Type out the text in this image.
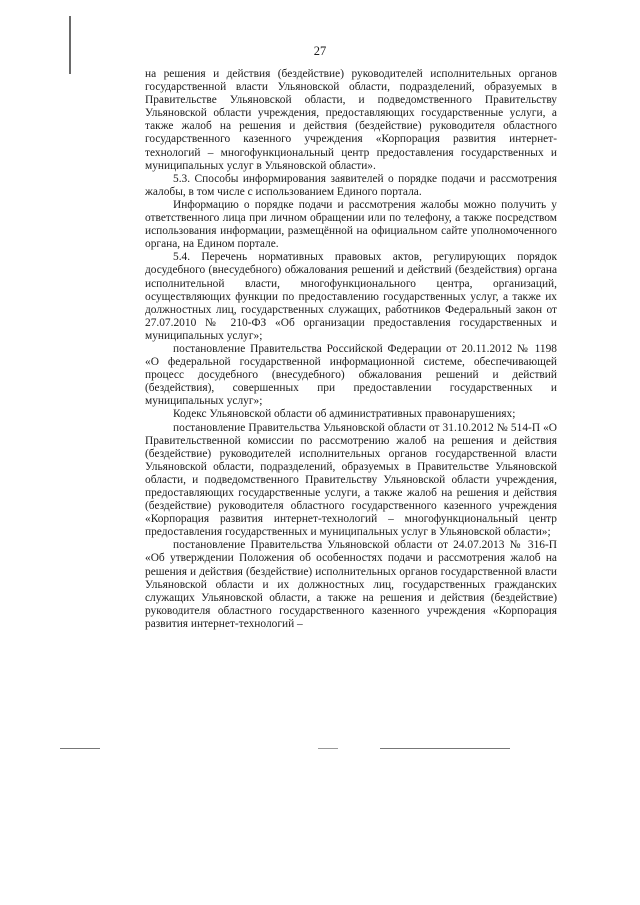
27

на решения и действия (бездействие) руководителей исполнительных органов государственной власти Ульяновской области, подразделений, образуемых в Правительстве Ульяновской области, и подведомственного Правительству Ульяновской области учреждения, предоставляющих государственные услуги, а также жалоб на решения и действия (бездействие) руководителя областного государственного казенного учреждения «Корпорация развития интернет-технологий – многофункциональный центр предоставления государственных и муниципальных услуг в Ульяновской области».

5.3. Способы информирования заявителей о порядке подачи и рассмотрения жалобы, в том числе с использованием Единого портала.

Информацию о порядке подачи и рассмотрения жалобы можно получить у ответственного лица при личном обращении или по телефону, а также посредством использования информации, размещённой на официальном сайте уполномоченного органа, на Едином портале.

5.4. Перечень нормативных правовых актов, регулирующих порядок досудебного (внесудебного) обжалования решений и действий (бездействия) органа исполнительной власти, многофункционального центра, организаций, осуществляющих функции по предоставлению государственных услуг, а также их должностных лиц, государственных служащих, работников Федеральный закон от 27.07.2010 № 210-ФЗ «Об организации предоставления государственных и муниципальных услуг»;

постановление Правительства Российской Федерации от 20.11.2012 № 1198 «О федеральной государственной информационной системе, обеспечивающей процесс досудебного (внесудебного) обжалования решений и действий (бездействия), совершенных при предоставлении государственных и муниципальных услуг»;

Кодекс Ульяновской области об административных правонарушениях;

постановление Правительства Ульяновской области от 31.10.2012 № 514-П «О Правительственной комиссии по рассмотрению жалоб на решения и действия (бездействие) руководителей исполнительных органов государственной власти Ульяновской области, подразделений, образуемых в Правительстве Ульяновской области, и подведомственного Правительству Ульяновской области учреждения, предоставляющих государственные услуги, а также жалоб на решения и действия (бездействие) руководителя областного государственного казенного учреждения «Корпорация развития интернет-технологий – многофункциональный центр предоставления государственных и муниципальных услуг в Ульяновской области»;

постановление Правительства Ульяновской области от 24.07.2013 № 316-П «Об утверждении Положения об особенностях подачи и рассмотрения жалоб на решения и действия (бездействие) исполнительных органов государственной власти Ульяновской области и их должностных лиц, государственных гражданских служащих Ульяновской области, а также на решения и действия (бездействие) руководителя областного государственного казенного учреждения «Корпорация развития интернет-технологий –
